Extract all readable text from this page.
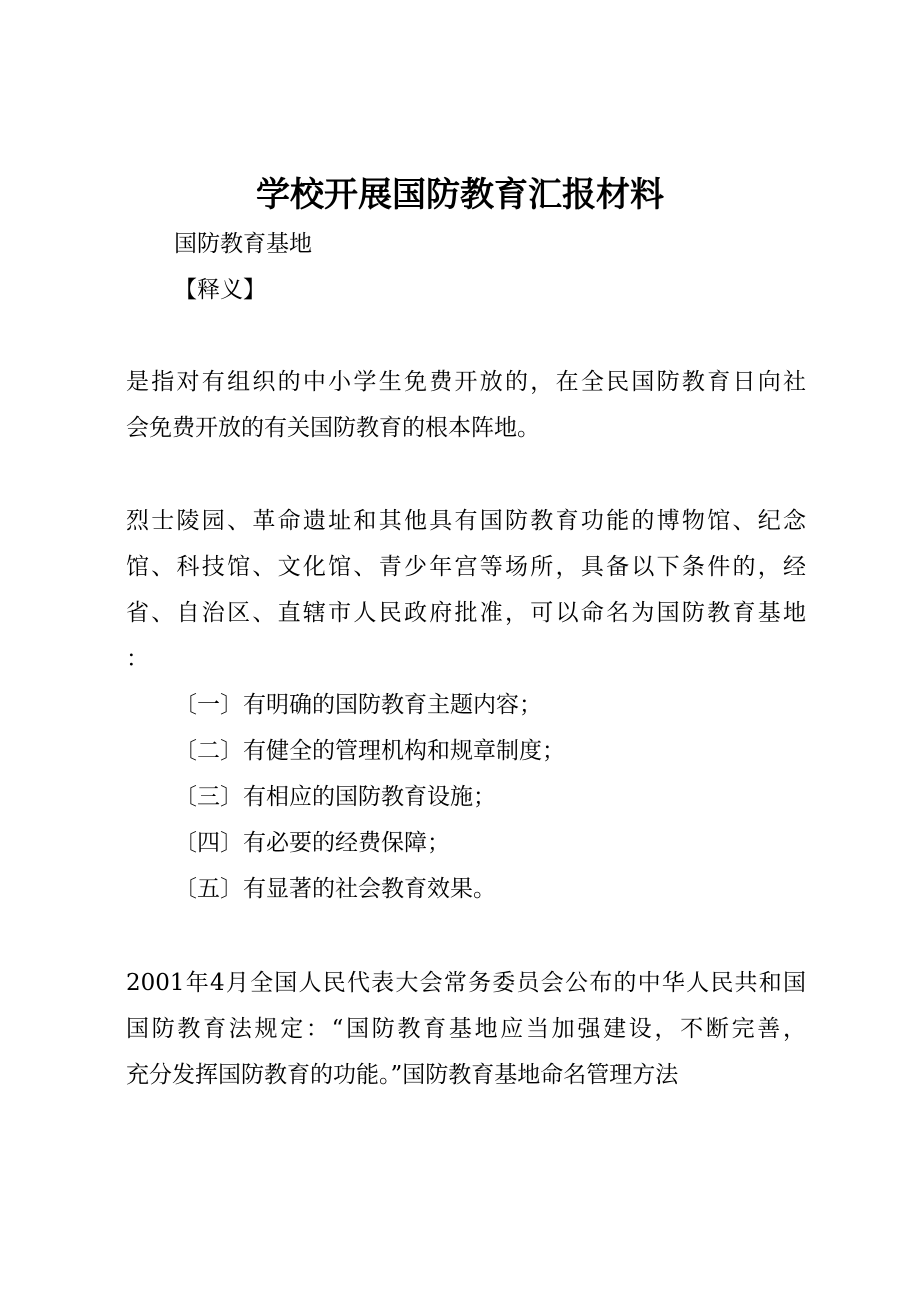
学校开展国防教育汇报材料
国防教育基地
【释义】
是指对有组织的中小学生免费开放的，在全民国防教育日向社
会免费开放的有关国防教育的根本阵地。
烈士陵园、革命遗址和其他具有国防教育功能的博物馆、纪念
馆、科技馆、文化馆、青少年宫等场所，具备以下条件的，经
省、自治区、直辖市人民政府批准，可以命名为国防教育基地
：
〔一〕有明确的国防教育主题内容；
〔二〕有健全的管理机构和规章制度；
〔三〕有相应的国防教育设施；
〔四〕有必要的经费保障；
〔五〕有显著的社会教育效果。
2001年4月全国人民代表大会常务委员会公布的中华人民共和国
国防教育法规定：“国防教育基地应当加强建设，不断完善，
充分发挥国防教育的功能。”国防教育基地命名管理方法
